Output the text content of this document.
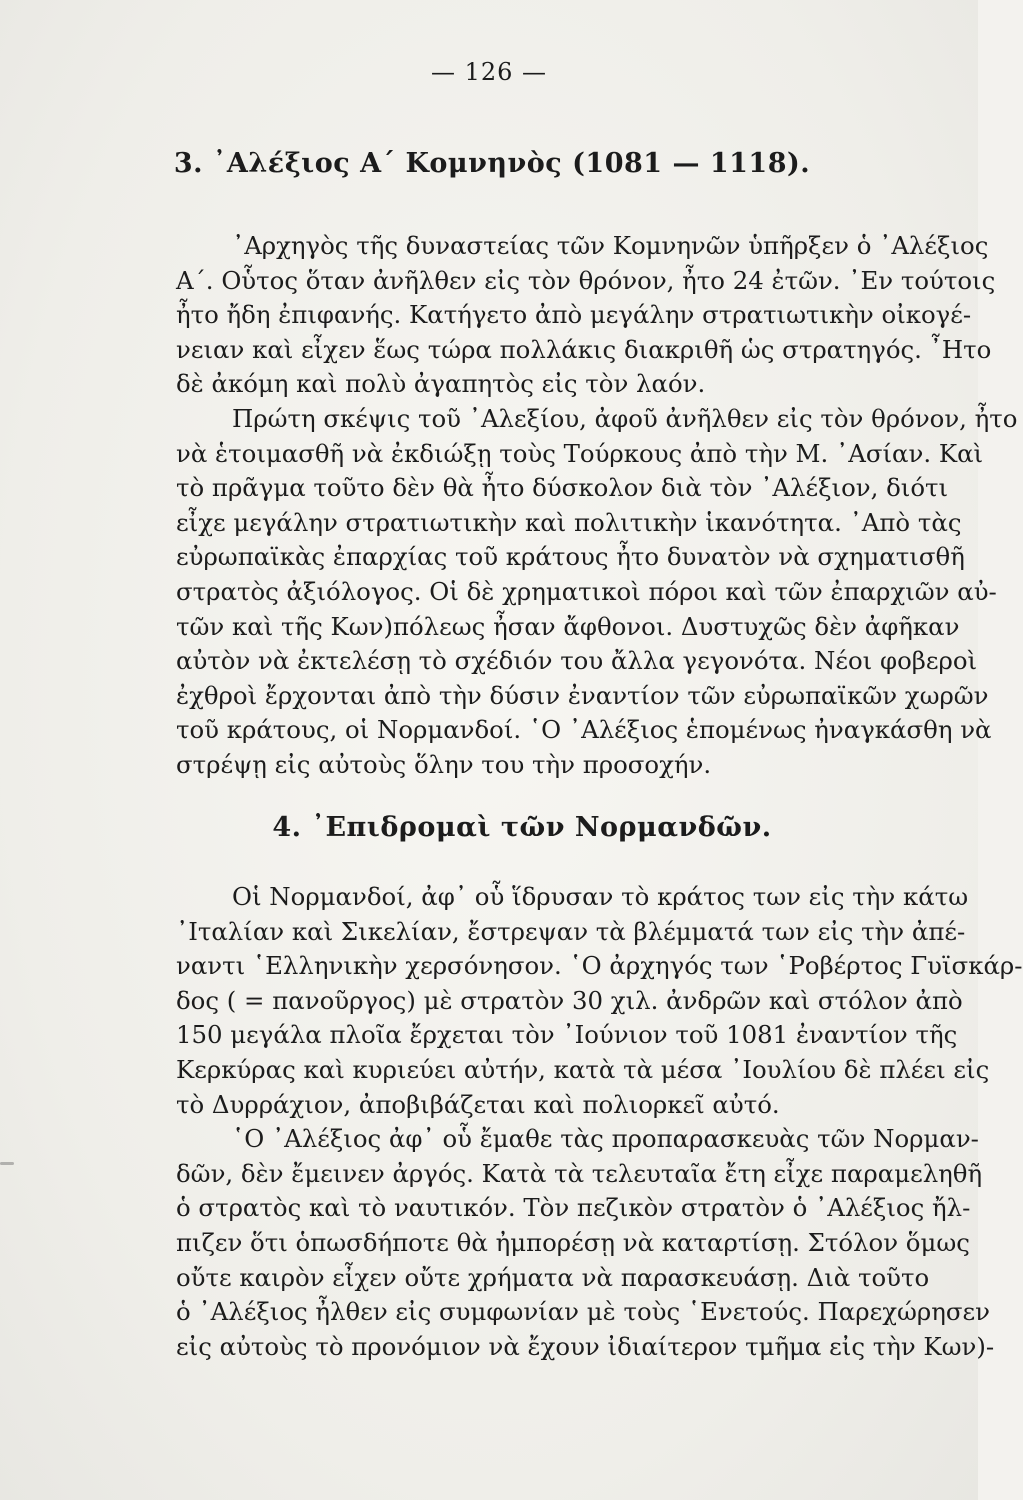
— 126 —
3. ᾿Αλέξιος Α΄ Κομνηνὸς (1081 — 1118).
᾿Αρχηγὸς τῆς δυναστείας τῶν Κομνηνῶν ὑπῆρξεν ὁ ᾿Αλέξιος
Α΄. Οὗτος ὅταν ἀνῆλθεν εἰς τὸν θρόνον, ἦτο 24 ἐτῶν. ᾿Εν τούτοις
ἦτο ἤδη ἐπιφανής. Κατήγετο ἀπὸ μεγάλην στρατιωτικὴν οἰκογέ-
νειαν καὶ εἶχεν ἕως τώρα πολλάκις διακριθῆ ὡς στρατηγός. ῏Ητο
δὲ ἀκόμη καὶ πολὺ ἀγαπητὸς εἰς τὸν λαόν.
Πρώτη σκέψις τοῦ ᾿Αλεξίου, ἀφοῦ ἀνῆλθεν εἰς τὸν θρόνον, ἦτο
νὰ ἑτοιμασθῆ νὰ ἐκδιώξῃ τοὺς Τούρκους ἀπὸ τὴν Μ. ᾿Ασίαν. Καὶ
τὸ πρᾶγμα τοῦτο δὲν θὰ ἦτο δύσκολον διὰ τὸν ᾿Αλέξιον, διότι
εἶχε μεγάλην στρατιωτικὴν καὶ πολιτικὴν ἱκανότητα. ᾿Απὸ τὰς
εὐρωπαϊκὰς ἐπαρχίας τοῦ κράτους ἦτο δυνατὸν νὰ σχηματισθῆ
στρατὸς ἀξιόλογος. Οἱ δὲ χρηματικοὶ πόροι καὶ τῶν ἐπαρχιῶν αὐ-
τῶν καὶ τῆς Κων)πόλεως ἦσαν ἄφθονοι. Δυστυχῶς δὲν ἀφῆκαν
αὐτὸν νὰ ἐκτελέσῃ τὸ σχέδιόν του ἄλλα γεγονότα. Νέοι φοβεροὶ
ἐχθροὶ ἔρχονται ἀπὸ τὴν δύσιν ἐναντίον τῶν εὐρωπαϊκῶν χωρῶν
τοῦ κράτους, οἱ Νορμανδοί. ῾Ο ᾿Αλέξιος ἑπομένως ἠναγκάσθη νὰ
στρέψῃ εἰς αὐτοὺς ὅλην του τὴν προσοχήν.
4. ᾿Επιδρομαὶ τῶν Νορμανδῶν.
Οἱ Νορμανδοί, ἀφ᾿ οὗ ἵδρυσαν τὸ κράτος των εἰς τὴν κάτω
᾿Ιταλίαν καὶ Σικελίαν, ἔστρεψαν τὰ βλέμματά των εἰς τὴν ἀπέ-
ναντι ῾Ελληνικὴν χερσόνησον. ῾Ο ἀρχηγός των ῾Ροβέρτος Γυϊσκάρ-
δος ( = πανοῦργος) μὲ στρατὸν 30 χιλ. ἀνδρῶν καὶ στόλον ἀπὸ
150 μεγάλα πλοῖα ἔρχεται τὸν ᾿Ιούνιον τοῦ 1081 ἐναντίον τῆς
Κερκύρας καὶ κυριεύει αὐτήν, κατὰ τὰ μέσα ᾿Ιουλίου δὲ πλέει εἰς
τὸ Δυρράχιον, ἀποβιβάζεται καὶ πολιορκεῖ αὐτό.
῾Ο ᾿Αλέξιος ἀφ᾿ οὗ ἔμαθε τὰς προπαρασκευὰς τῶν Νορμαν-
δῶν, δὲν ἔμεινεν ἀργός. Κατὰ τὰ τελευταῖα ἔτη εἶχε παραμεληθῆ
ὁ στρατὸς καὶ τὸ ναυτικόν. Τὸν πεζικὸν στρατὸν ὁ ᾿Αλέξιος ἤλ-
πιζεν ὅτι ὁπωσδήποτε θὰ ἠμπορέσῃ νὰ καταρτίσῃ. Στόλον ὅμως
οὔτε καιρὸν εἶχεν οὔτε χρήματα νὰ παρασκευάσῃ. Διὰ τοῦτο
ὁ ᾿Αλέξιος ἦλθεν εἰς συμφωνίαν μὲ τοὺς ῾Ενετούς. Παρεχώρησεν
εἰς αὐτοὺς τὸ προνόμιον νὰ ἔχουν ἰδιαίτερον τμῆμα εἰς τὴν Κων)-
